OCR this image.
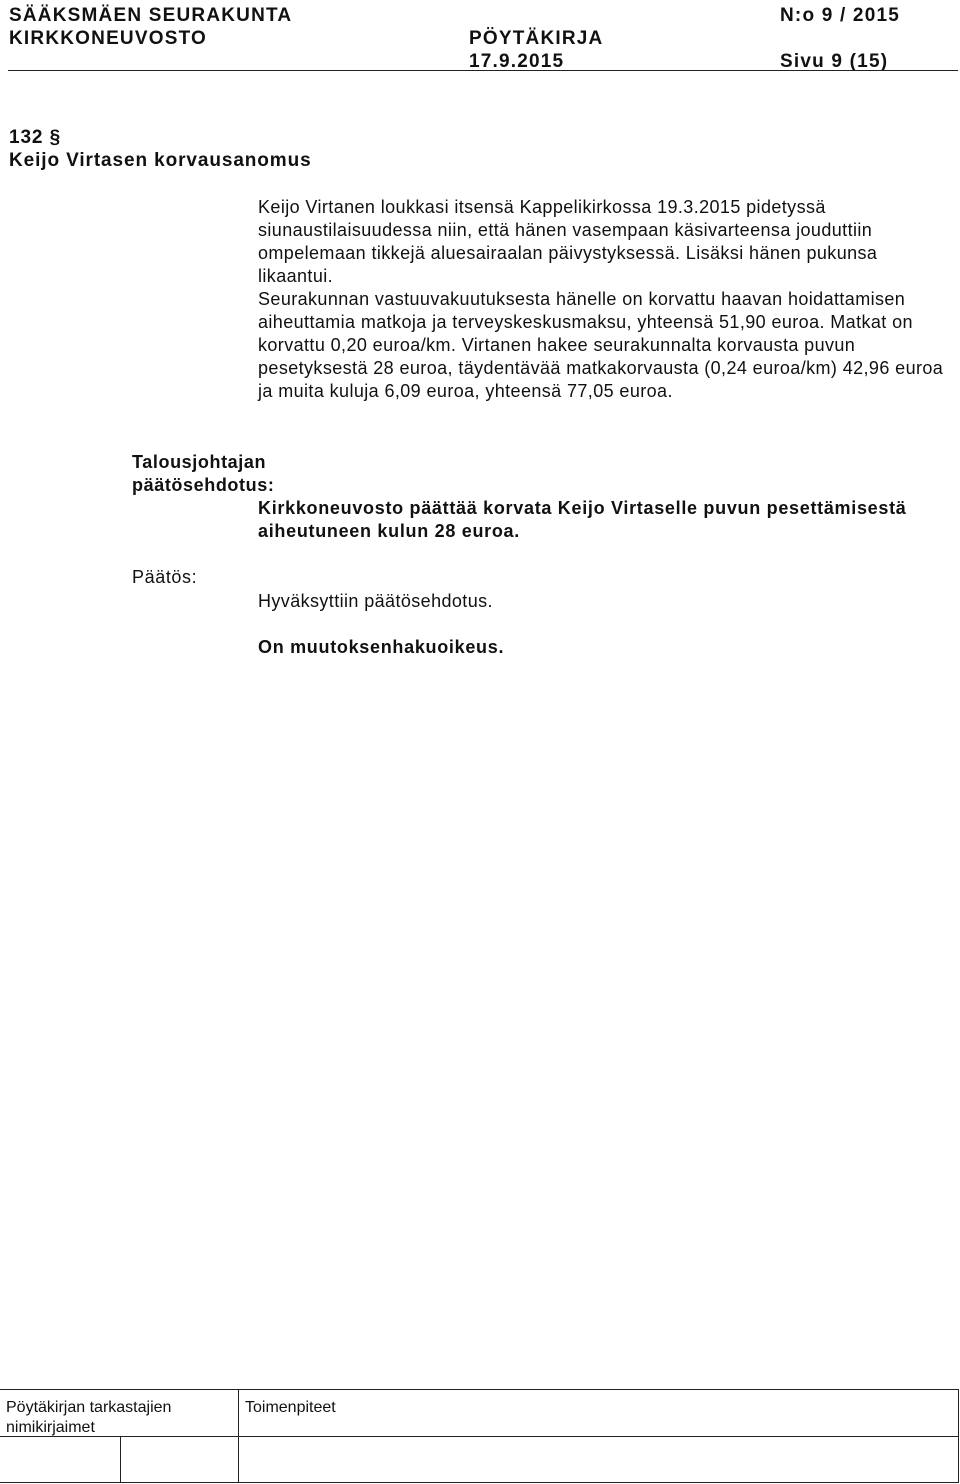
SÄÄKSMÄEN SEURAKUNTA
KIRKKONEUVOSTO	PÖYTÄKIRJA
17.9.2015
N:o 9 / 2015
Sivu 9 (15)
132 §
Keijo Virtasen korvausanomus
Keijo Virtanen loukkasi itsensä Kappelikirkossa 19.3.2015 pidetyssä siunaustilaisuudessa niin, että hänen vasempaan käsivarteensa jouduttiin ompelemaan tikkejä aluesairaalan päivystyksessä. Lisäksi hänen pukunsa likaantui.
Seurakunnan vastuuvakuutuksesta hänelle on korvattu haavan hoidattamisen aiheuttamia matkoja ja terveyskeskusmaksu, yhteensä 51,90 euroa. Matkat on korvattu 0,20 euroa/km. Virtanen hakee seurakunnalta korvausta puvun pesetyksestä 28 euroa, täydentävää matkakorvausta (0,24 euroa/km) 42,96 euroa ja muita kuluja 6,09 euroa, yhteensä 77,05 euroa.
Talousjohtajan
päätösehdotus:
Kirkkoneuvosto päättää korvata Keijo Virtaselle puvun pesettämisestä aiheutuneen kulun 28 euroa.
Päätös:
Hyväksyttiin päätösehdotus.
On muutoksenhakuoikeus.
Pöytäkirjan tarkastajien
nimikirjaimet
Toimenpiteet
